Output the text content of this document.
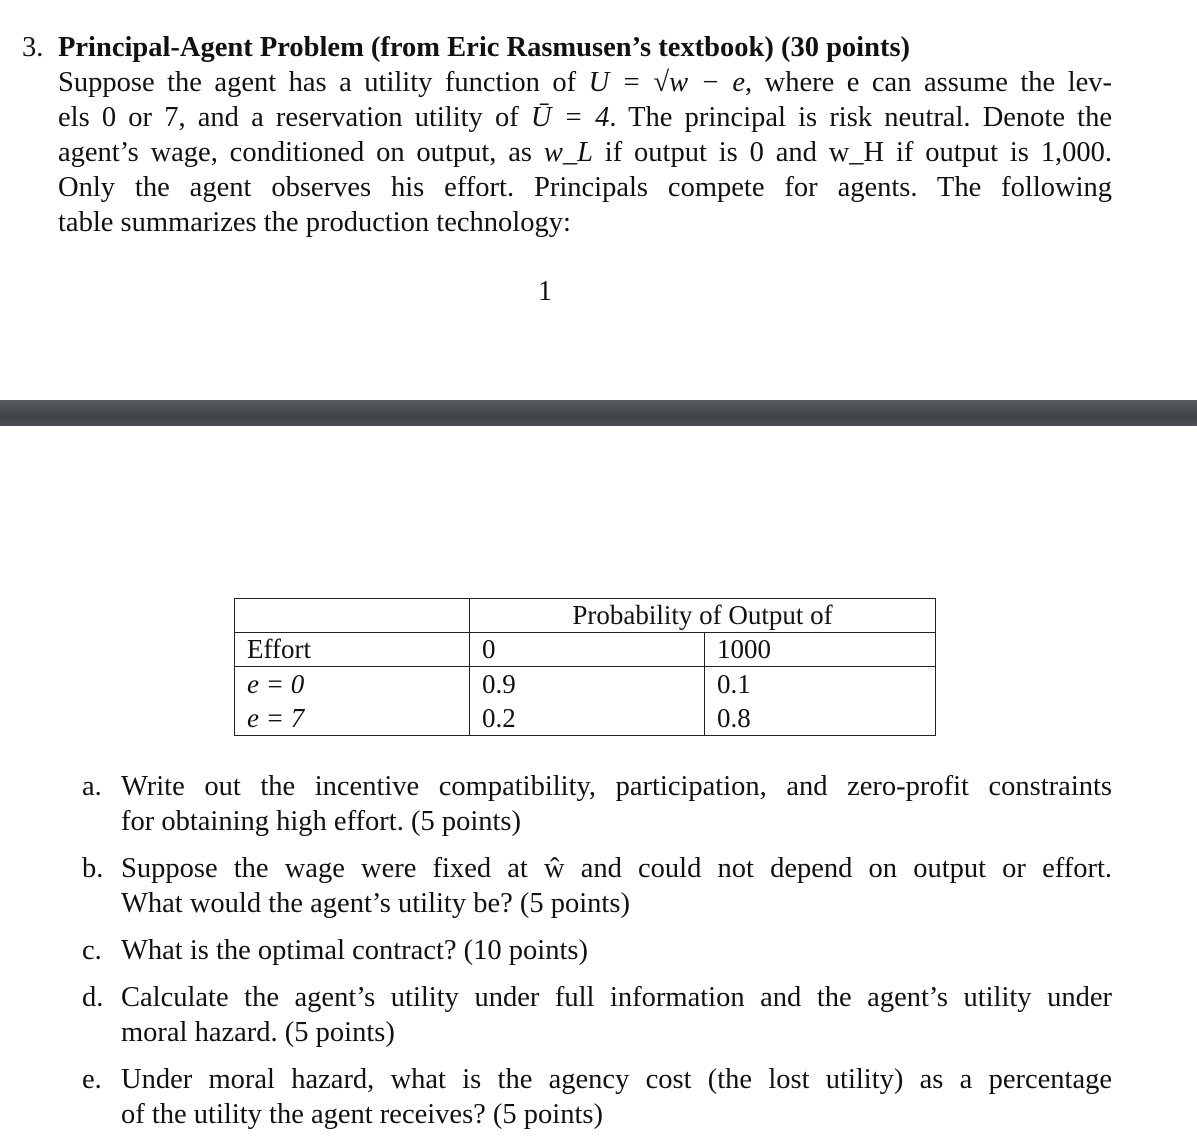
3. Principal-Agent Problem (from Eric Rasmusen’s textbook) (30 points)
Suppose the agent has a utility function of U = √w − e, where e can assume the lev-
els 0 or 7, and a reservation utility of Ū = 4. The principal is risk neutral. Denote the
agent’s wage, conditioned on output, as w_L if output is 0 and w_H if output is 1,000.
Only the agent observes his effort. Principals compete for agents. The following
table summarizes the production technology:
1
	Probability of Output of	
Effort	0	1000
e = 0	0.9	0.1
e = 7	0.2	0.8
a. Write out the incentive compatibility, participation, and zero-profit constraints
for obtaining high effort. (5 points)
b. Suppose the wage were fixed at ŵ and could not depend on output or effort.
What would the agent’s utility be? (5 points)
c. What is the optimal contract? (10 points)
d. Calculate the agent’s utility under full information and the agent’s utility under
moral hazard. (5 points)
e. Under moral hazard, what is the agency cost (the lost utility) as a percentage
of the utility the agent receives? (5 points)
